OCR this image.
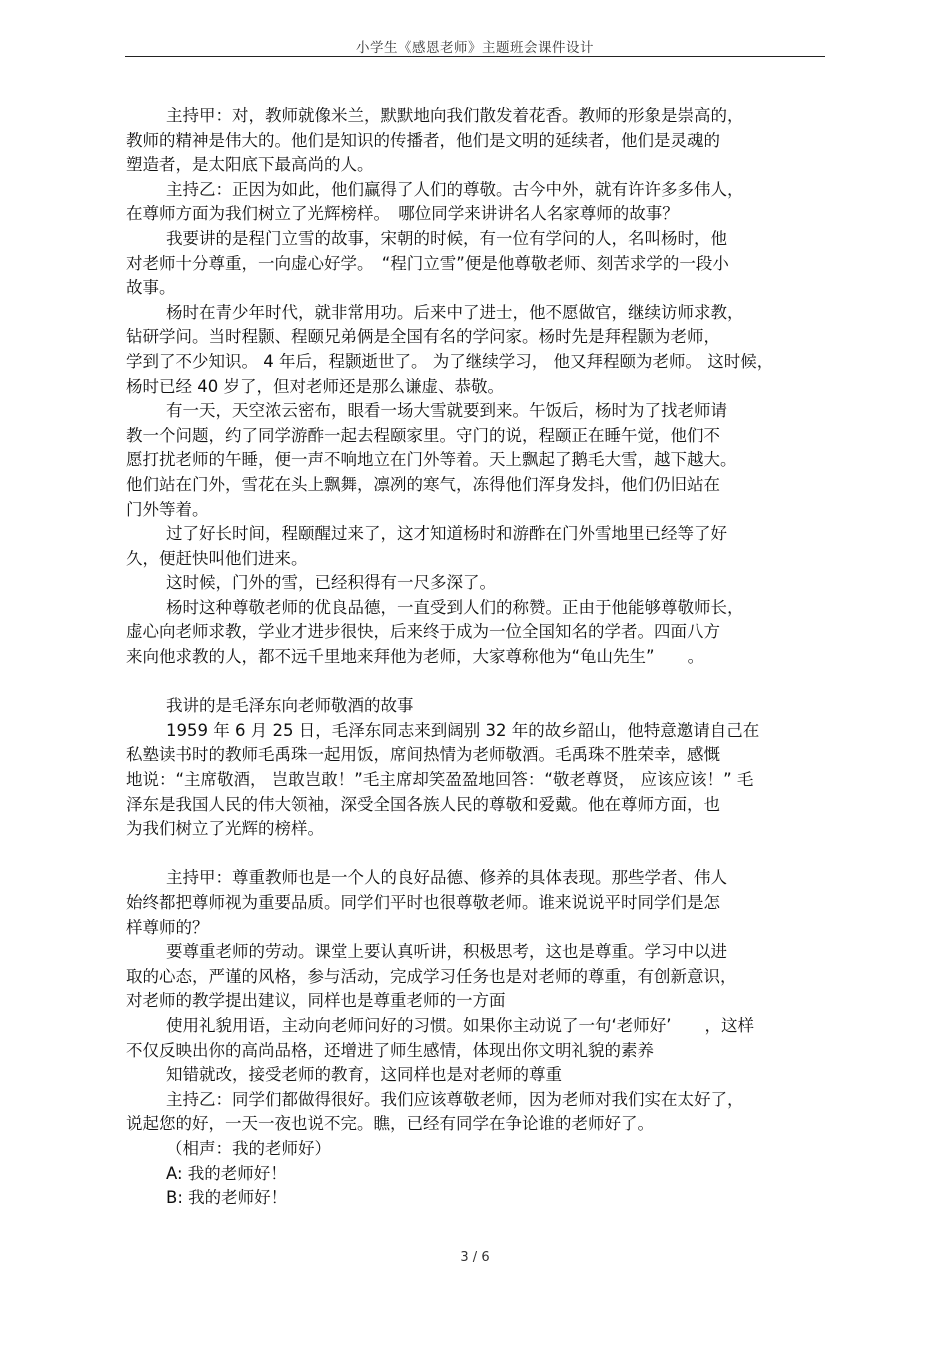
小学生《感恩老师》主题班会课件设计
主持甲：对，教师就像米兰，默默地向我们散发着花香。教师的形象是崇高的，
教师的精神是伟大的。他们是知识的传播者，他们是文明的延续者，他们是灵魂的
塑造者，是太阳底下最高尚的人。
主持乙：正因为如此，他们赢得了人们的尊敬。古今中外，就有许许多多伟人，
在尊师方面为我们树立了光辉榜样。　哪位同学来讲讲名人名家尊师的故事？
我要讲的是程门立雪的故事，宋朝的时候，有一位有学问的人，名叫杨时，他
对老师十分尊重，一向虚心好学。　“程门立雪”便是他尊敬老师、刻苦求学的一段小
故事。
杨时在青少年时代，就非常用功。后来中了进士，他不愿做官，继续访师求教，
钻研学问。当时程颢、程颐兄弟俩是全国有名的学问家。杨时先是拜程颢为老师，
学到了不少知识。 4 年后，程颢逝世了。 为了继续学习， 他又拜程颐为老师。 这时候，
杨时已经 40 岁了，但对老师还是那么谦虚、恭敬。
有一天，天空浓云密布，眼看一场大雪就要到来。午饭后，杨时为了找老师请
教一个问题，约了同学游酢一起去程颐家里。守门的说，程颐正在睡午觉，他们不
愿打扰老师的午睡，便一声不响地立在门外等着。天上飘起了鹅毛大雪，越下越大。
他们站在门外，雪花在头上飘舞，凛冽的寒气，冻得他们浑身发抖，他们仍旧站在
门外等着。
过了好长时间，程颐醒过来了，这才知道杨时和游酢在门外雪地里已经等了好
久，便赶快叫他们进来。
这时候，门外的雪，已经积得有一尺多深了。
杨时这种尊敬老师的优良品德，一直受到人们的称赞。正由于他能够尊敬师长，
虚心向老师求教，学业才进步很快，后来终于成为一位全国知名的学者。四面八方
来向他求教的人，都不远千里地来拜他为老师，大家尊称他为“龟山先生”　　。
我讲的是毛泽东向老师敬酒的故事
1959 年 6 月 25 日，毛泽东同志来到阔别 32 年的故乡韶山，他特意邀请自己在
私塾读书时的教师毛禹珠一起用饭，席间热情为老师敬酒。毛禹珠不胜荣幸，感慨
地说：“主席敬酒， 岂敢岂敢！”毛主席却笑盈盈地回答：“敬老尊贤， 应该应该！” 毛
泽东是我国人民的伟大领袖，深受全国各族人民的尊敬和爱戴。他在尊师方面，也
为我们树立了光辉的榜样。
主持甲：尊重教师也是一个人的良好品德、修养的具体表现。那些学者、伟人
始终都把尊师视为重要品质。同学们平时也很尊敬老师。谁来说说平时同学们是怎
样尊师的？
要尊重老师的劳动。课堂上要认真听讲，积极思考，这也是尊重。学习中以进
取的心态，严谨的风格，参与活动，完成学习任务也是对老师的尊重，有创新意识，
对老师的教学提出建议，同样也是尊重老师的一方面
使用礼貌用语，主动向老师问好的习惯。如果你主动说了一句‘老师好’　　，这样
不仅反映出你的高尚品格，还增进了师生感情，体现出你文明礼貌的素养
知错就改，接受老师的教育，这同样也是对老师的尊重
主持乙：同学们都做得很好。我们应该尊敬老师，因为老师对我们实在太好了，
说起您的好，一天一夜也说不完。瞧，已经有同学在争论谁的老师好了。
（相声：我的老师好）
A: 我的老师好！
B: 我的老师好！
3 / 6
